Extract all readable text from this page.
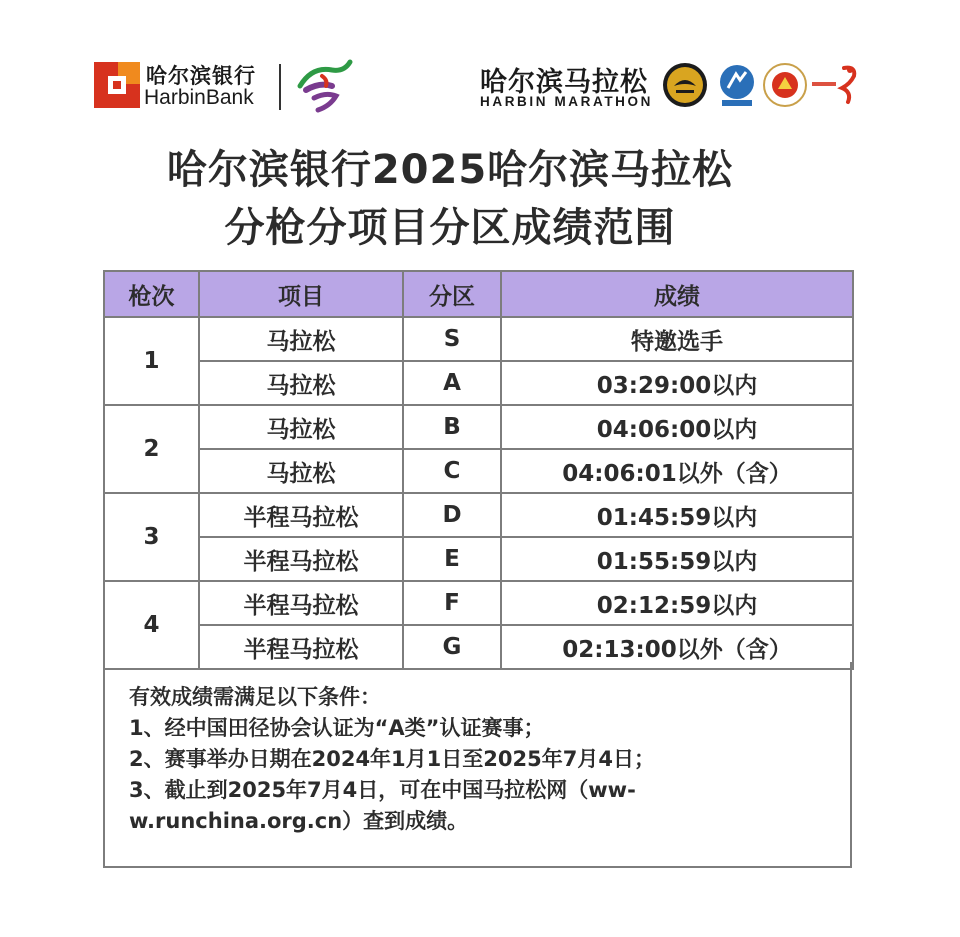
哈尔滨银行
HarbinBank	哈尔滨马拉松
HARBIN MARATHON
哈尔滨银行2025哈尔滨马拉松
分枪分项目分区成绩范围
枪次	项目	分区	成绩
1	马拉松	S	特邀选手
	马拉松	A	03:29:00以内
2	马拉松	B	04:06:00以内
	马拉松	C	04:06:01以外（含）
3	半程马拉松	D	01:45:59以内
	半程马拉松	E	01:55:59以内
4	半程马拉松	F	02:12:59以内
	半程马拉松	G	02:13:00以外（含）

有效成绩需满足以下条件：

1、经中国田径协会认证为“A类”认证赛事；

2、赛事举办日期在2024年1月1日至2025年7月4日；

3、截止到2025年7月4日，可在中国马拉松网（ww-

w.runchina.org.cn）查到成绩。
